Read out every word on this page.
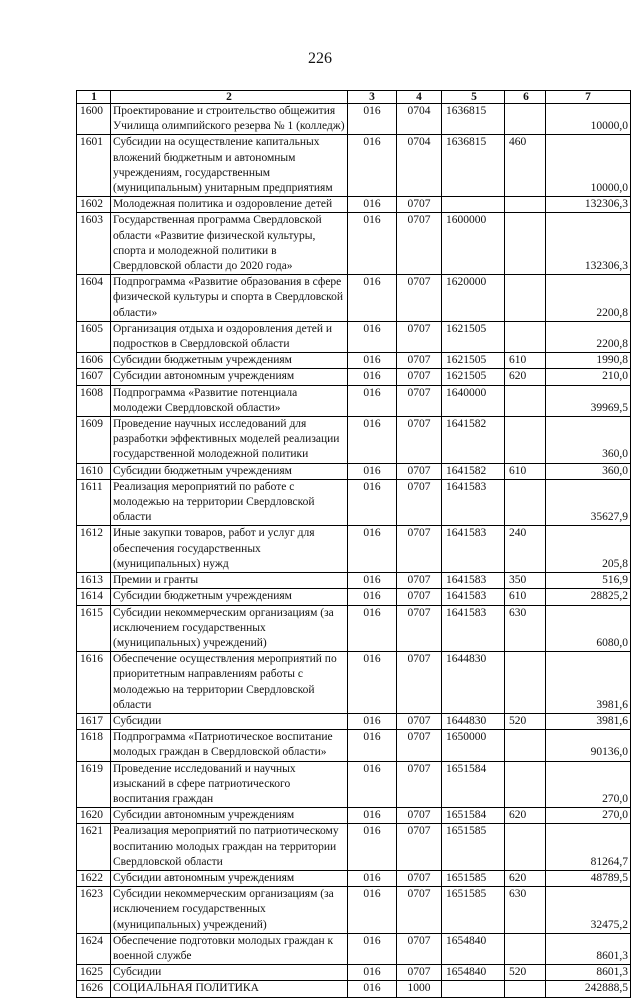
226
1	2	3	4	5	6	7
1600	Проектирование и строительство общежития Училища олимпийского резерва № 1 (колледж)	016	0704	1636815		10000,0
1601	Субсидии на осуществление капитальных вложений бюджетным и автономным учреждениям, государственным (муниципальным) унитарным предприятиям	016	0704	1636815	460	10000,0
1602	Молодежная политика и оздоровление детей	016	0707			132306,3
1603	Государственная программа Свердловской области «Развитие физической культуры, спорта и молодежной политики в Свердловской области до 2020 года»	016	0707	1600000		132306,3
1604	Подпрограмма «Развитие образования в сфере физической культуры и спорта в Свердловской области»	016	0707	1620000		2200,8
1605	Организация отдыха и оздоровления детей и подростков в Свердловской области	016	0707	1621505		2200,8
1606	Субсидии бюджетным учреждениям	016	0707	1621505	610	1990,8
1607	Субсидии автономным учреждениям	016	0707	1621505	620	210,0
1608	Подпрограмма «Развитие потенциала молодежи Свердловской области»	016	0707	1640000		39969,5
1609	Проведение научных исследований для разработки эффективных моделей реализации государственной молодежной политики	016	0707	1641582		360,0
1610	Субсидии бюджетным учреждениям	016	0707	1641582	610	360,0
1611	Реализация мероприятий по работе с молодежью на территории Свердловской области	016	0707	1641583		35627,9
1612	Иные закупки товаров, работ и услуг для обеспечения государственных (муниципальных) нужд	016	0707	1641583	240	205,8
1613	Премии и гранты	016	0707	1641583	350	516,9
1614	Субсидии бюджетным учреждениям	016	0707	1641583	610	28825,2
1615	Субсидии некоммерческим организациям (за исключением государственных (муниципальных) учреждений)	016	0707	1641583	630	6080,0
1616	Обеспечение осуществления мероприятий по приоритетным направлениям работы с молодежью на территории Свердловской области	016	0707	1644830		3981,6
1617	Субсидии	016	0707	1644830	520	3981,6
1618	Подпрограмма «Патриотическое воспитание молодых граждан в Свердловской области»	016	0707	1650000		90136,0
1619	Проведение исследований и научных изысканий в сфере патриотического воспитания граждан	016	0707	1651584		270,0
1620	Субсидии автономным учреждениям	016	0707	1651584	620	270,0
1621	Реализация мероприятий по патриотическому воспитанию молодых граждан на территории Свердловской области	016	0707	1651585		81264,7
1622	Субсидии автономным учреждениям	016	0707	1651585	620	48789,5
1623	Субсидии некоммерческим организациям (за исключением государственных (муниципальных) учреждений)	016	0707	1651585	630	32475,2
1624	Обеспечение подготовки молодых граждан к военной службе	016	0707	1654840		8601,3
1625	Субсидии	016	0707	1654840	520	8601,3
1626	СОЦИАЛЬНАЯ ПОЛИТИКА	016	1000			242888,5
